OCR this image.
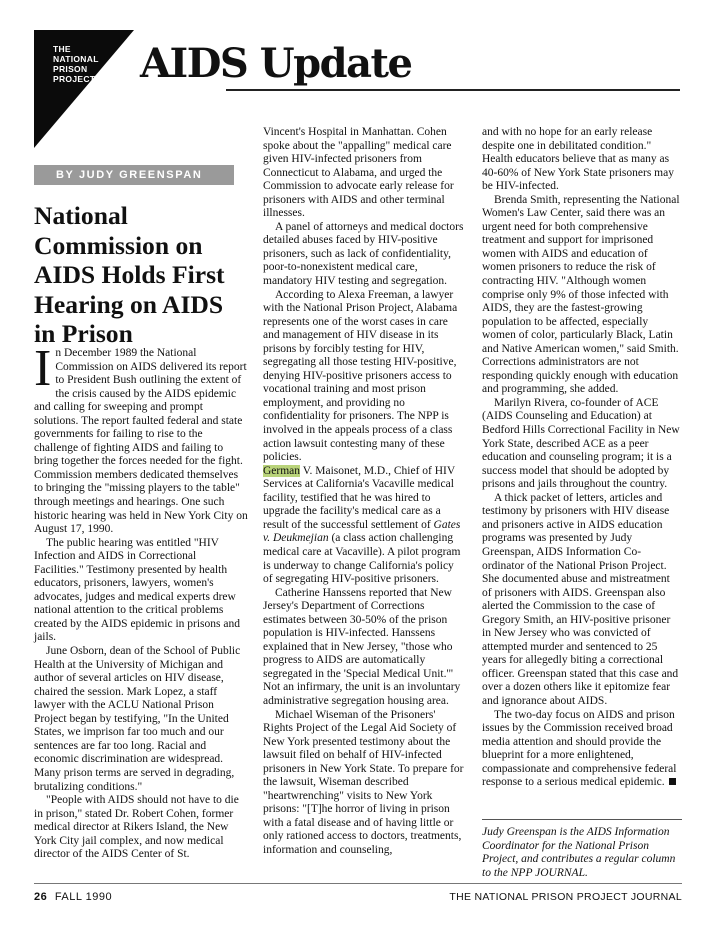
THE
NATIONAL
PRISON
PROJECT	AIDS Update
BY JUDY GREENSPAN
National
Commission on
AIDS Holds First
Hearing on AIDS
in Prison

In December 1989 the National Commission on AIDS delivered its report to President Bush outlining the extent of the crisis caused by the AIDS epidemic and calling for sweeping and prompt solutions. The report faulted federal and state governments for failing to rise to the challenge of fighting AIDS and failing to bring together the forces needed for the fight. Commission members dedicated themselves to bringing the "missing players to the table" through meetings and hearings. One such historic hearing was held in New York City on August 17, 1990.

The public hearing was entitled "HIV Infection and AIDS in Correctional Facilities." Testimony presented by health educators, prisoners, lawyers, women's advocates, judges and medical experts drew national attention to the critical problems created by the AIDS epidemic in prisons and jails.

June Osborn, dean of the School of Public Health at the University of Michigan and author of several articles on HIV disease, chaired the session. Mark Lopez, a staff lawyer with the ACLU National Prison Project began by testifying, "In the United States, we imprison far too much and our sentences are far too long. Racial and economic discrimination are widespread. Many prison terms are served in degrading, brutalizing conditions."

"People with AIDS should not have to die in prison," stated Dr. Robert Cohen, former medical director at Rikers Island, the New York City jail complex, and now medical director of the AIDS Center of St.

Vincent's Hospital in Manhattan. Cohen spoke about the "appalling" medical care given HIV-infected prisoners from Connecticut to Alabama, and urged the Commission to advocate early release for prisoners with AIDS and other terminal illnesses.

A panel of attorneys and medical doctors detailed abuses faced by HIV-positive prisoners, such as lack of confidentiality, poor-to-nonexistent medical care, mandatory HIV testing and segregation.

According to Alexa Freeman, a lawyer with the National Prison Project, Alabama represents one of the worst cases in care and management of HIV disease in its prisons by forcibly testing for HIV, segregating all those testing HIV-positive, denying HIV-positive prisoners access to vocational training and most prison employment, and providing no confidentiality for prisoners. The NPP is involved in the appeals process of a class action lawsuit contesting many of these policies.

German V. Maisonet, M.D., Chief of HIV Services at California's Vacaville medical facility, testified that he was hired to upgrade the facility's medical care as a result of the successful settlement of Gates v. Deukmejian (a class action challenging medical care at Vacaville). A pilot program is underway to change California's policy of segregating HIV-positive prisoners.

Catherine Hanssens reported that New Jersey's Department of Corrections estimates between 30-50% of the prison population is HIV-infected. Hanssens explained that in New Jersey, "those who progress to AIDS are automatically segregated in the 'Special Medical Unit.'" Not an infirmary, the unit is an involuntary administrative segregation housing area.

Michael Wiseman of the Prisoners' Rights Project of the Legal Aid Society of New York presented testimony about the lawsuit filed on behalf of HIV-infected prisoners in New York State. To prepare for the lawsuit, Wiseman described "heartwrenching" visits to New York prisons: "[T]he horror of living in prison with a fatal disease and of having little or only rationed access to doctors, treatments, information and counseling,

and with no hope for an early release despite one in debilitated condition." Health educators believe that as many as 40-60% of New York State prisoners may be HIV-infected.

Brenda Smith, representing the National Women's Law Center, said there was an urgent need for both comprehensive treatment and support for imprisoned women with AIDS and education of women prisoners to reduce the risk of contracting HIV. "Although women comprise only 9% of those infected with AIDS, they are the fastest-growing population to be affected, especially women of color, particularly Black, Latin and Native American women," said Smith. Corrections administrators are not responding quickly enough with education and programming, she added.

Marilyn Rivera, co-founder of ACE (AIDS Counseling and Education) at Bedford Hills Correctional Facility in New York State, described ACE as a peer education and counseling program; it is a success model that should be adopted by prisons and jails throughout the country.

A thick packet of letters, articles and testimony by prisoners with HIV disease and prisoners active in AIDS education programs was presented by Judy Greenspan, AIDS Information Co-ordinator of the National Prison Project. She documented abuse and mistreatment of prisoners with AIDS. Greenspan also alerted the Commission to the case of Gregory Smith, an HIV-positive prisoner in New Jersey who was convicted of attempted murder and sentenced to 25 years for allegedly biting a correctional officer. Greenspan stated that this case and over a dozen others like it epitomize fear and ignorance about AIDS.

The two-day focus on AIDS and prison issues by the Commission received broad media attention and should provide the blueprint for a more enlightened, compassionate and comprehensive federal response to a serious medical epidemic.

Judy Greenspan is the AIDS Information Coordinator for the National Prison Project, and contributes a regular column to the NPP JOURNAL.

26 FALL 1990	THE NATIONAL PRISON PROJECT JOURNAL
